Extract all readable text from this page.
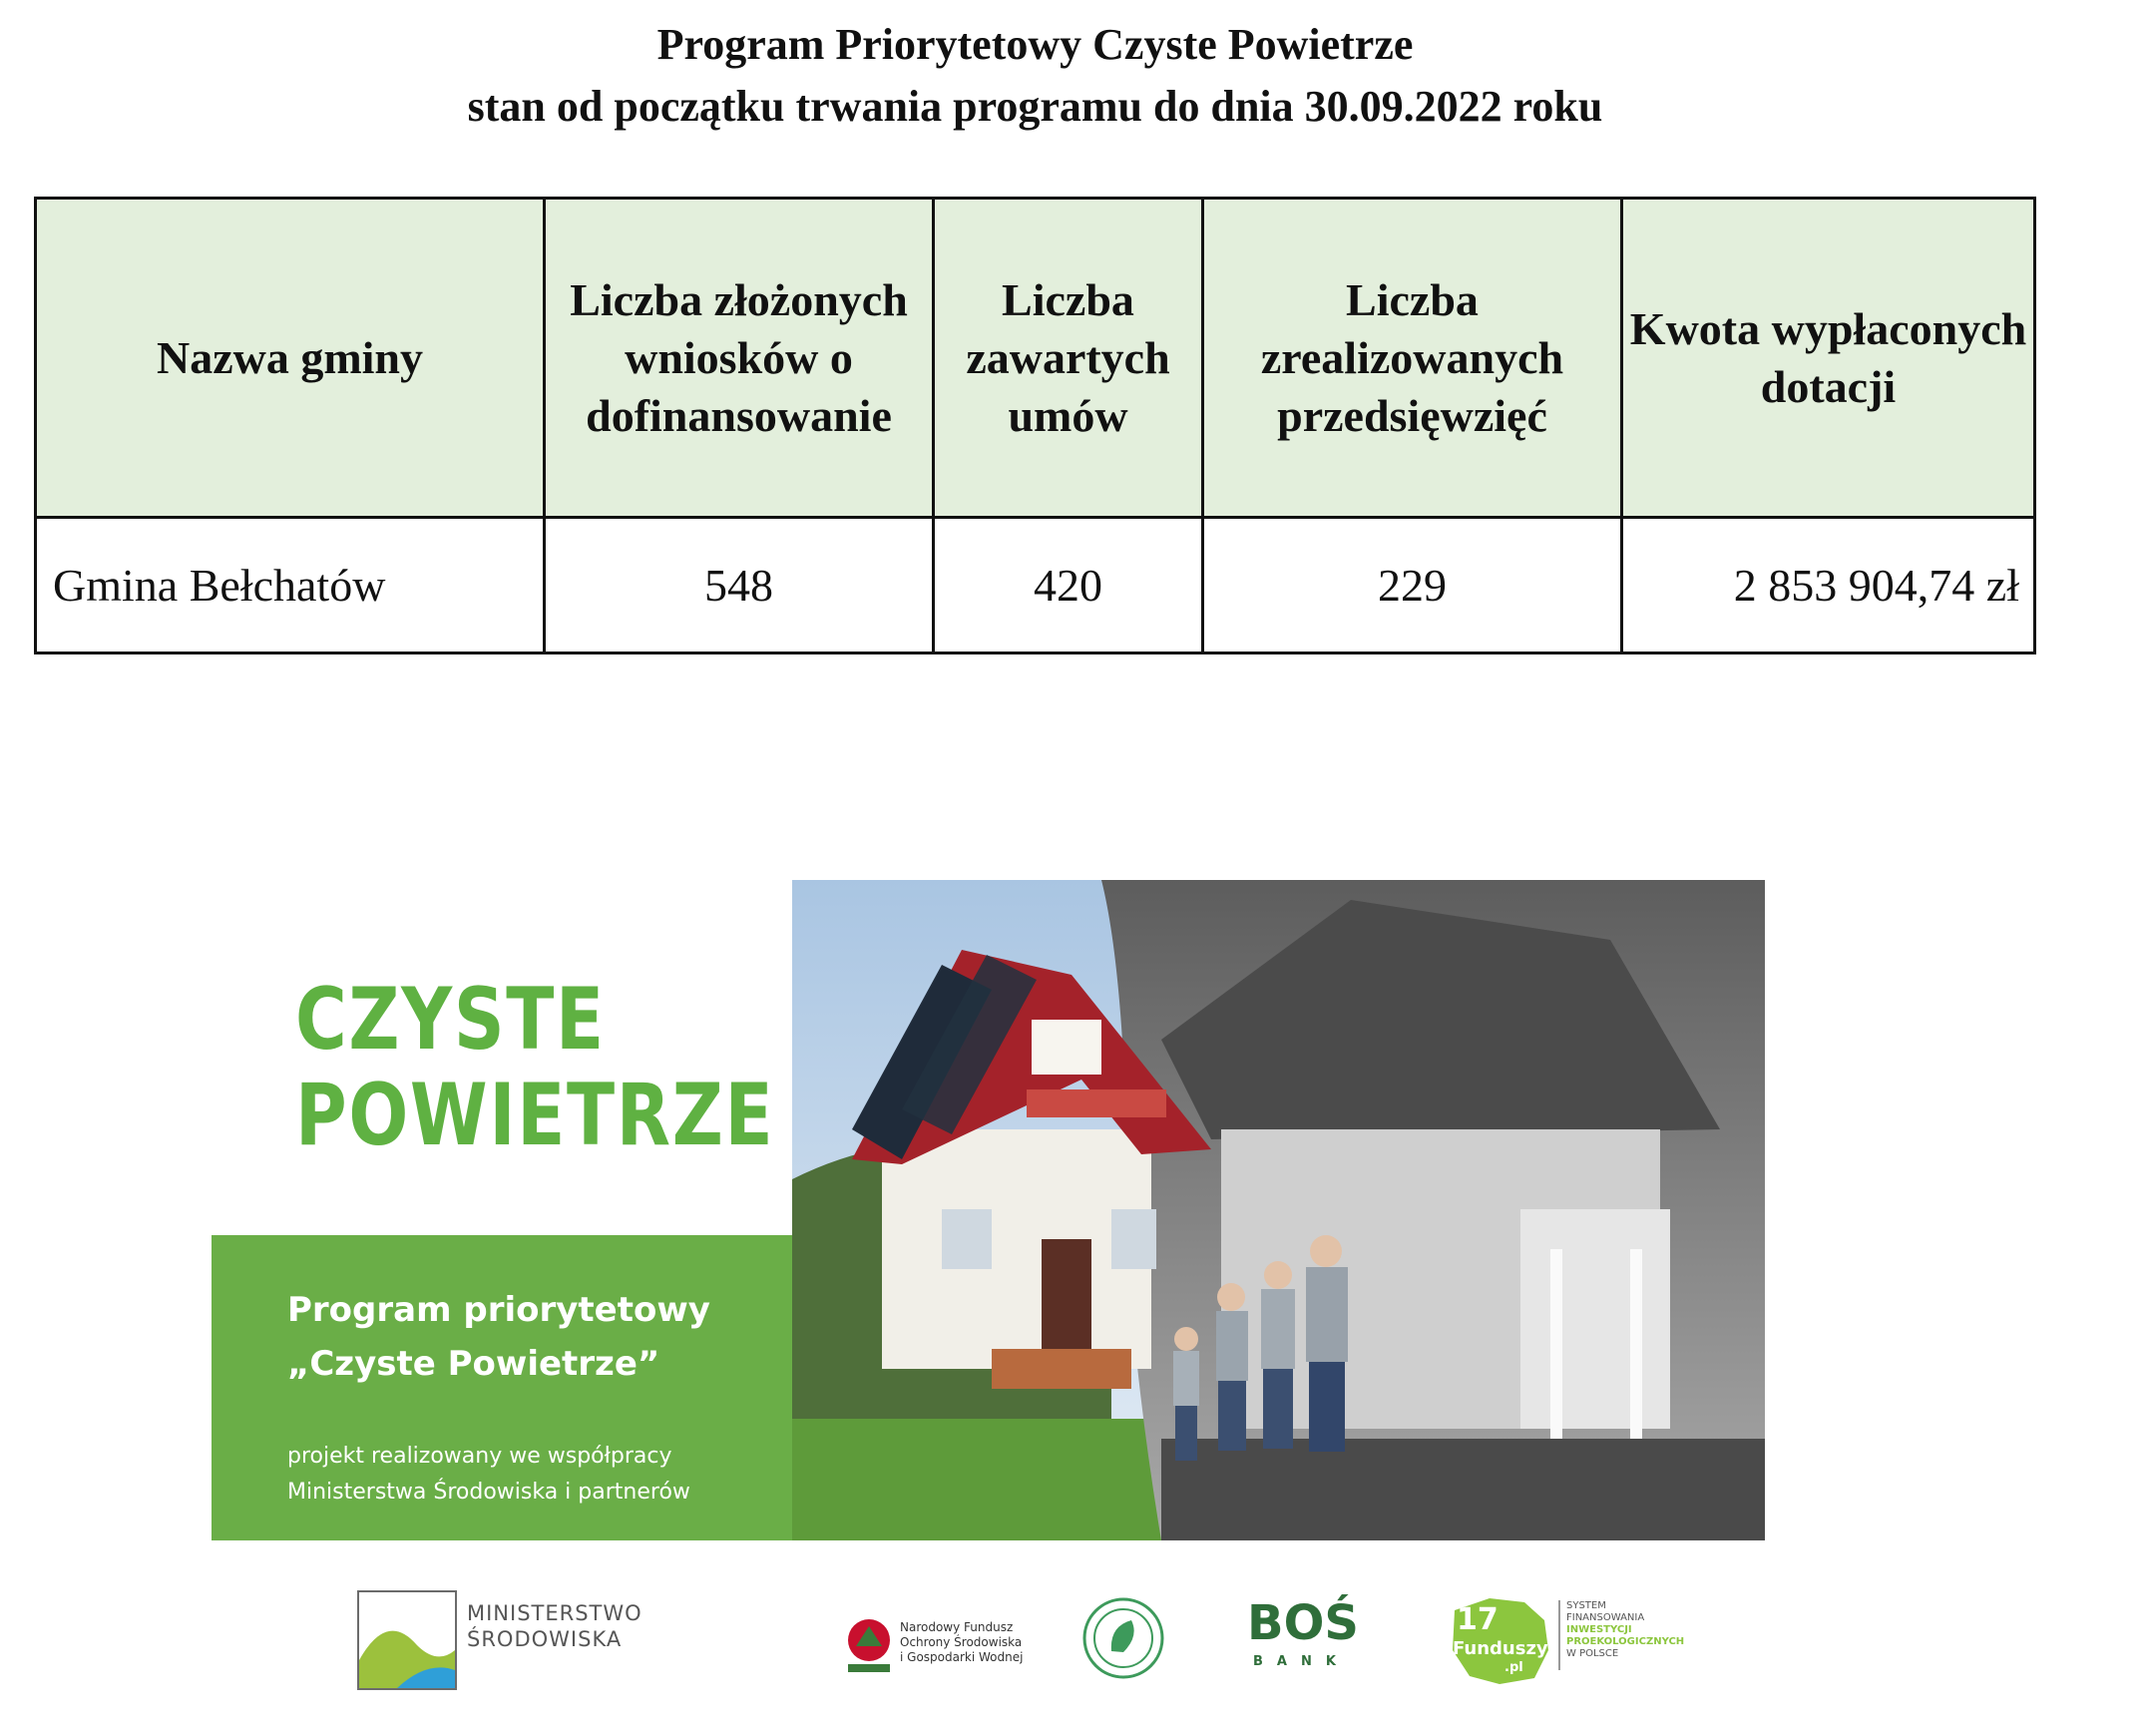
Program Priorytetowy Czyste Powietrze
stan od początku trwania programu do dnia 30.09.2022 roku
Nazwa gminy	Liczba złożonych wniosków o dofinansowanie	Liczba zawartych umów	Liczba zrealizowanych przedsięwzięć	Kwota wypłaconych dotacji
Gmina Bełchatów	548	420	229	2 853 904,74 zł
CZYSTE
POWIETRZE
Program priorytetowy
„Czyste Powietrze”
projekt realizowany we współpracy
Ministerstwa Środowiska i partnerów
MINISTERSTWO
ŚRODOWISKA	Narodowy Fundusz
Ochrony Środowiska
i Gospodarki Wodnej
BOŚ
BANK
17
Funduszy
.pl
SYSTEM
FINANSOWANIA
INWESTYCJI
PROEKOLOGICZNYCH
W POLSCE
